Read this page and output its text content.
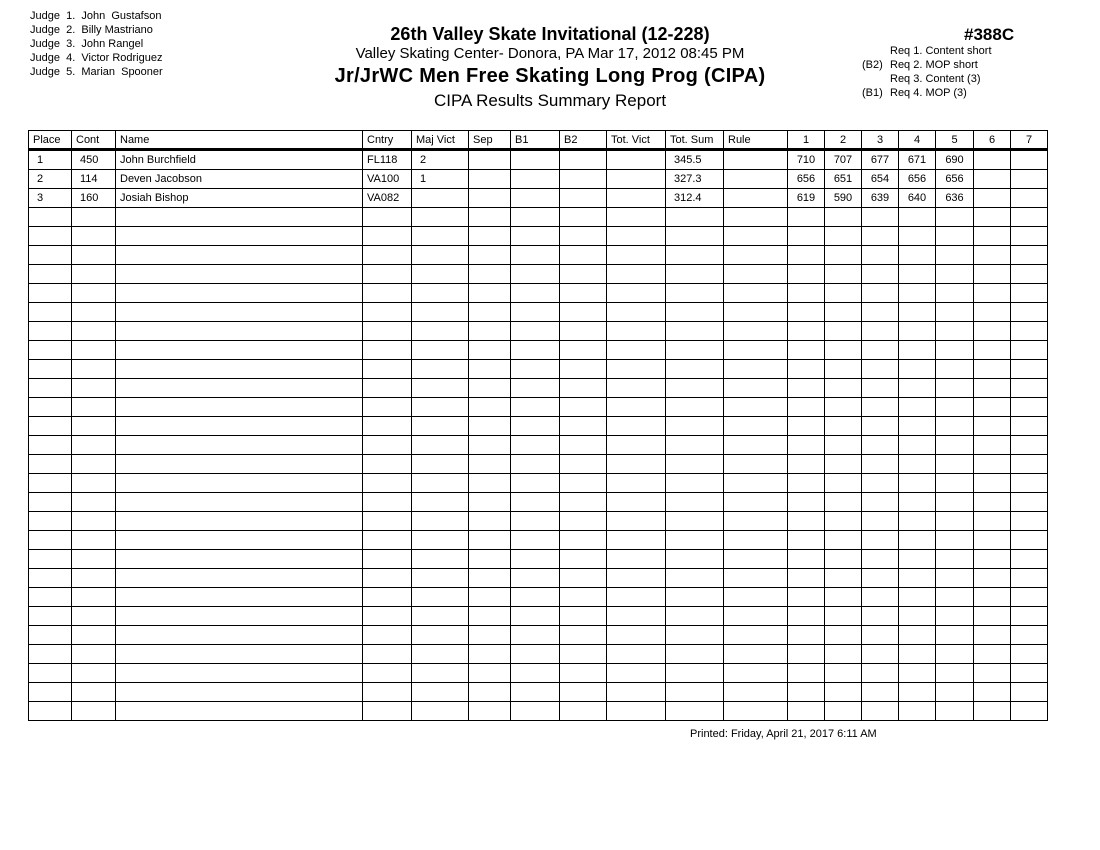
Judge  1.  John  Gustafson
Judge  2.  Billy Mastriano
Judge  3.  John Rangel
Judge  4.  Victor Rodriguez
Judge  5.  Marian  Spooner
26th Valley Skate Invitational (12-228)
Valley Skating Center- Donora, PA Mar 17, 2012 08:45 PM
Jr/JrWC Men Free Skating Long Prog (CIPA)
CIPA Results Summary Report
#388C
Req 1. Content short
(B2) Req 2. MOP short
Req 3. Content (3)
(B1) Req 4. MOP (3)
Place	Cont	Name	Cntry	Maj Vict	Sep	B1	B2	Tot. Vict	Tot. Sum	Rule	1	2	3	4	5	6	7
1	450	John Burchfield	FL118	2					345.5		710	707	677	671	690		
2	114	Deven Jacobson	VA100	1					327.3		656	651	654	656	656		
3	160	Josiah Bishop	VA082						312.4		619	590	639	640	636		

Printed: Friday, April 21, 2017 6:11 AM
